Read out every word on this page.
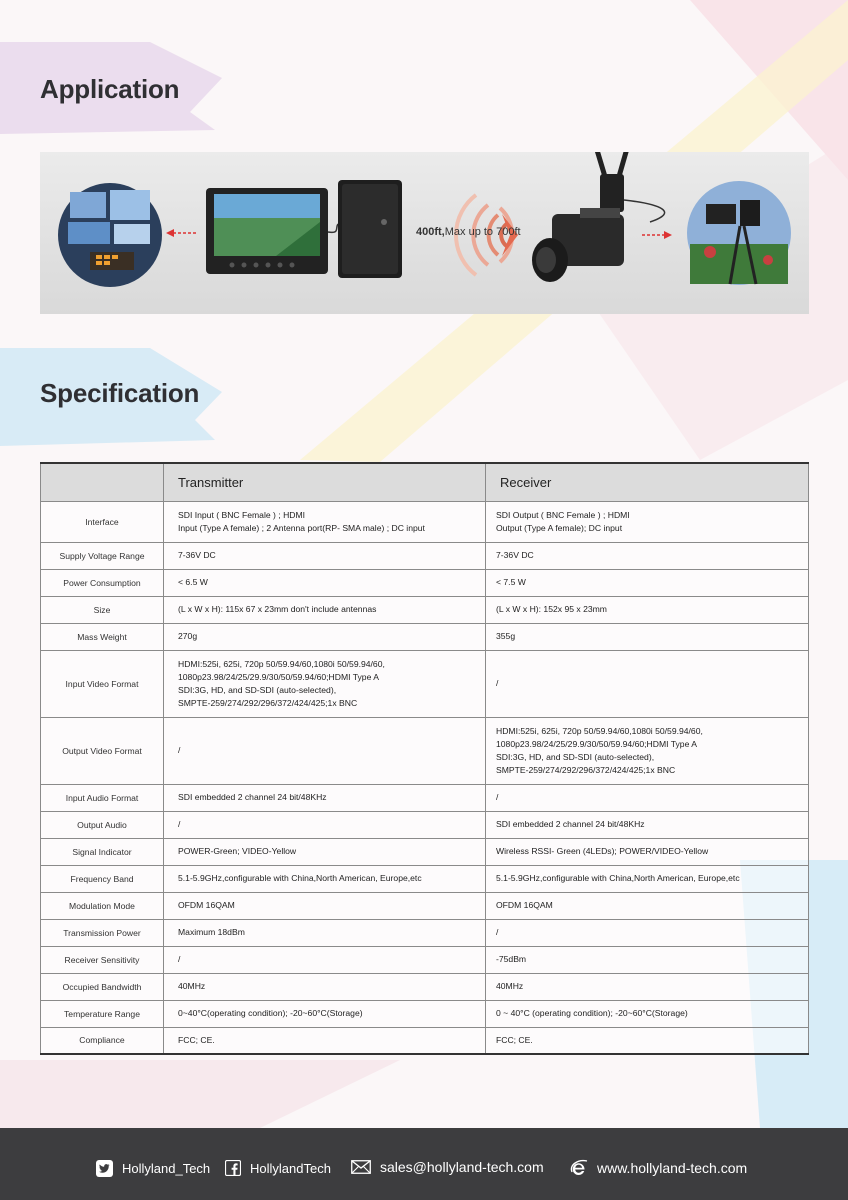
Application
400ft,Max up to 700ft
Specification
	Transmitter	Receiver
Interface	SDI Input ( BNC Female ) ; HDMI
Input (Type A female) ; 2 Antenna port(RP- SMA male) ; DC input	SDI Output ( BNC Female ) ; HDMI
Output (Type A female); DC input
Supply Voltage Range	7-36V DC	7-36V DC
Power Consumption	< 6.5 W	< 7.5 W
Size	(L x W x H): 115x 67 x 23mm don't include antennas	(L x W x H): 152x 95 x 23mm
Mass Weight	270g	355g
Input Video Format	HDMI:525i, 625i, 720p 50/59.94/60,1080i 50/59.94/60,
1080p23.98/24/25/29.9/30/50/59.94/60;HDMI Type A
SDI:3G, HD, and SD-SDI (auto-selected),
SMPTE-259/274/292/296/372/424/425;1x BNC	/
Output Video Format	/	HDMI:525i, 625i, 720p 50/59.94/60,1080i 50/59.94/60,
1080p23.98/24/25/29.9/30/50/59.94/60;HDMI Type A
SDI:3G, HD, and SD-SDI (auto-selected),
SMPTE-259/274/292/296/372/424/425;1x BNC
Input Audio Format	SDI embedded 2 channel 24 bit/48KHz	/
Output Audio	/	SDI embedded 2 channel 24 bit/48KHz
Signal Indicator	POWER-Green; VIDEO-Yellow	Wireless RSSI- Green (4LEDs); POWER/VIDEO-Yellow
Frequency Band	5.1-5.9GHz,configurable with China,North American, Europe,etc	5.1-5.9GHz,configurable with China,North American, Europe,etc
Modulation Mode	OFDM 16QAM	OFDM 16QAM
Transmission Power	Maximum 18dBm	/
Receiver Sensitivity	/	-75dBm
Occupied Bandwidth	40MHz	40MHz
Temperature Range	0~40°C(operating condition); -20~60°C(Storage)	0 ~ 40°C (operating condition); -20~60°C(Storage)
Compliance	FCC; CE.	FCC; CE.
Hollyland_Tech	HollylandTech	sales@hollyland-tech.com	www.hollyland-tech.com
